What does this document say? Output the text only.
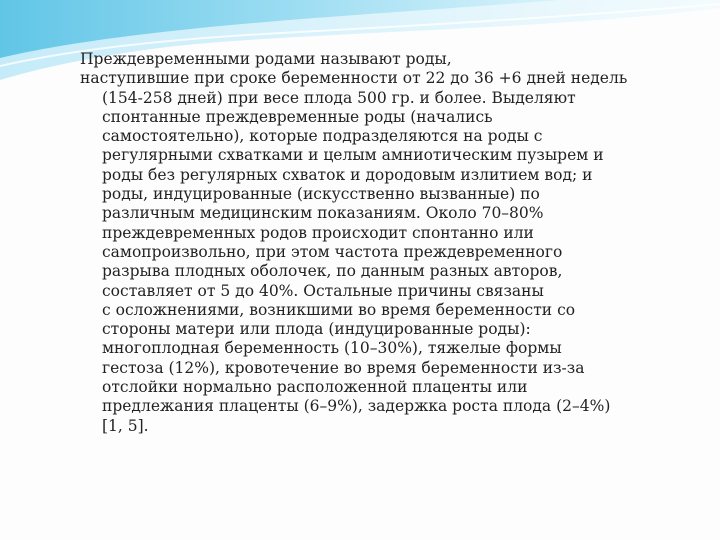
Преждевременными родами называют роды,
наступившие при сроке беременности от 22 до 36 +6 дней недель
(154-258 дней) при весе плода 500 гр. и более. Выделяют
спонтанные преждевременные роды (начались
самостоятельно), которые подразделяются на роды с
регулярными схватками и целым амниотическим пузырем и
роды без регулярных схваток и дородовым излитием вод; и
роды, индуцированные (искусственно вызванные) по
различным медицинским показаниям. Около 70–80%
преждевременных родов происходит спонтанно или
самопроизвольно, при этом частота преждевременного
разрыва плодных оболочек, по данным разных авторов,
составляет от 5 до 40%. Остальные причины связаны
с осложнениями, возникшими во время беременности со
стороны матери или плода (индуцированные роды):
многоплодная беременность (10–30%), тяжелые формы
гестоза (12%), кровотечение во время беременности из-за
отслойки нормально расположенной плаценты или
предлежания плаценты (6–9%), задержка роста плода (2–4%)
[1, 5].
